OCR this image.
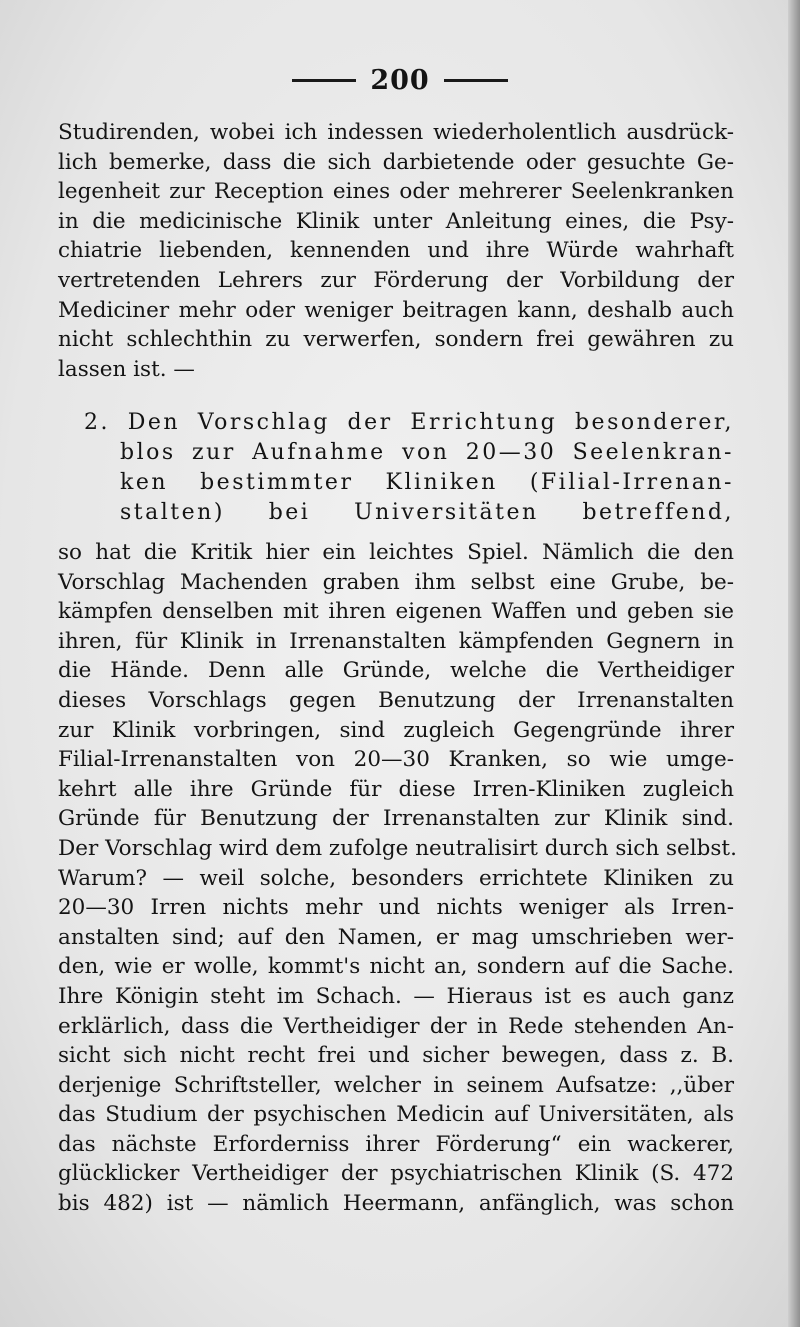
200
Studirenden, wobei ich indessen wiederholentlich ausdrück-
lich bemerke, dass die sich darbietende oder gesuchte Ge-
legenheit zur Reception eines oder mehrerer Seelenkranken
in die medicinische Klinik unter Anleitung eines, die Psy-
chiatrie liebenden, kennenden und ihre Würde wahrhaft
vertretenden Lehrers zur Förderung der Vorbildung der
Mediciner mehr oder weniger beitragen kann, deshalb auch
nicht schlechthin zu verwerfen, sondern frei gewähren zu
lassen ist. —
2. Den Vorschlag der Errichtung besonderer,
blos zur Aufnahme von 20—30 Seelenkran-
ken bestimmter Kliniken (Filial-Irrenan-
stalten) bei Universitäten betreffend,
so hat die Kritik hier ein leichtes Spiel. Nämlich die den
Vorschlag Machenden graben ihm selbst eine Grube, be-
kämpfen denselben mit ihren eigenen Waffen und geben sie
ihren, für Klinik in Irrenanstalten kämpfenden Gegnern in
die Hände. Denn alle Gründe, welche die Vertheidiger
dieses Vorschlags gegen Benutzung der Irrenanstalten
zur Klinik vorbringen, sind zugleich Gegengründe ihrer
Filial-Irrenanstalten von 20—30 Kranken, so wie umge-
kehrt alle ihre Gründe für diese Irren-Kliniken zugleich
Gründe für Benutzung der Irrenanstalten zur Klinik sind.
Der Vorschlag wird dem zufolge neutralisirt durch sich selbst.
Warum? — weil solche, besonders errichtete Kliniken zu
20—30 Irren nichts mehr und nichts weniger als Irren-
anstalten sind; auf den Namen, er mag umschrieben wer-
den, wie er wolle, kommt's nicht an, sondern auf die Sache.
Ihre Königin steht im Schach. — Hieraus ist es auch ganz
erklärlich, dass die Vertheidiger der in Rede stehenden An-
sicht sich nicht recht frei und sicher bewegen, dass z. B.
derjenige Schriftsteller, welcher in seinem Aufsatze: ,,über
das Studium der psychischen Medicin auf Universitäten, als
das nächste Erforderniss ihrer Förderung“ ein wackerer,
glücklicker Vertheidiger der psychiatrischen Klinik (S. 472
bis 482) ist — nämlich Heermann, anfänglich, was schon
